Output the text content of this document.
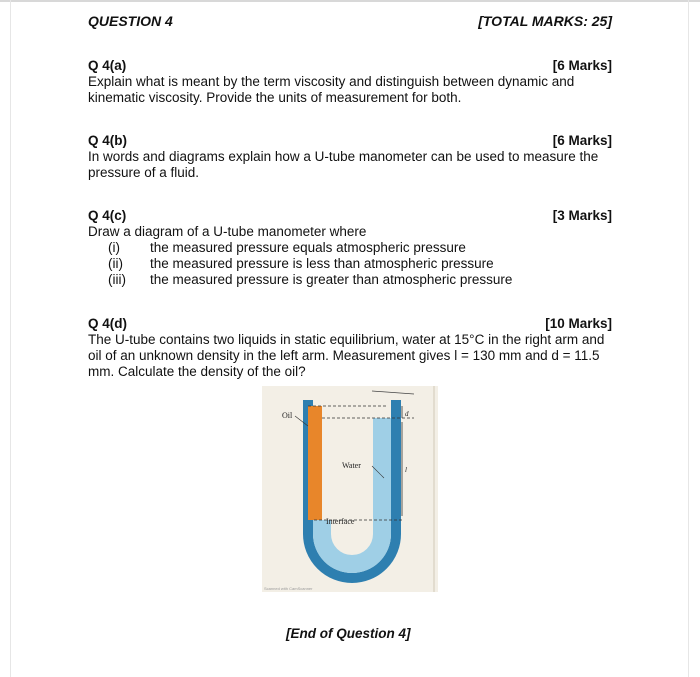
QUESTION 4	[TOTAL MARKS: 25]
Q 4(a)	[6 Marks]
Explain what is meant by the term viscosity and distinguish between dynamic and kinematic viscosity. Provide the units of measurement for both.
Q 4(b)	[6 Marks]
In words and diagrams explain how a U-tube manometer can be used to measure the pressure of a fluid.
Q 4(c)	[3 Marks]
Draw a diagram of a U-tube manometer where
(i)	the measured pressure equals atmospheric pressure
(ii)	the measured pressure is less than atmospheric pressure
(iii)	the measured pressure is greater than atmospheric pressure
Q 4(d)	[10 Marks]
The U-tube contains two liquids in static equilibrium, water at 15°C in the right arm and oil of an unknown density in the left arm. Measurement gives l = 130 mm and d = 11.5 mm. Calculate the density of the oil?
d
l
Oil
Water
Interface
Scanned with CamScanner
[End of Question 4]
